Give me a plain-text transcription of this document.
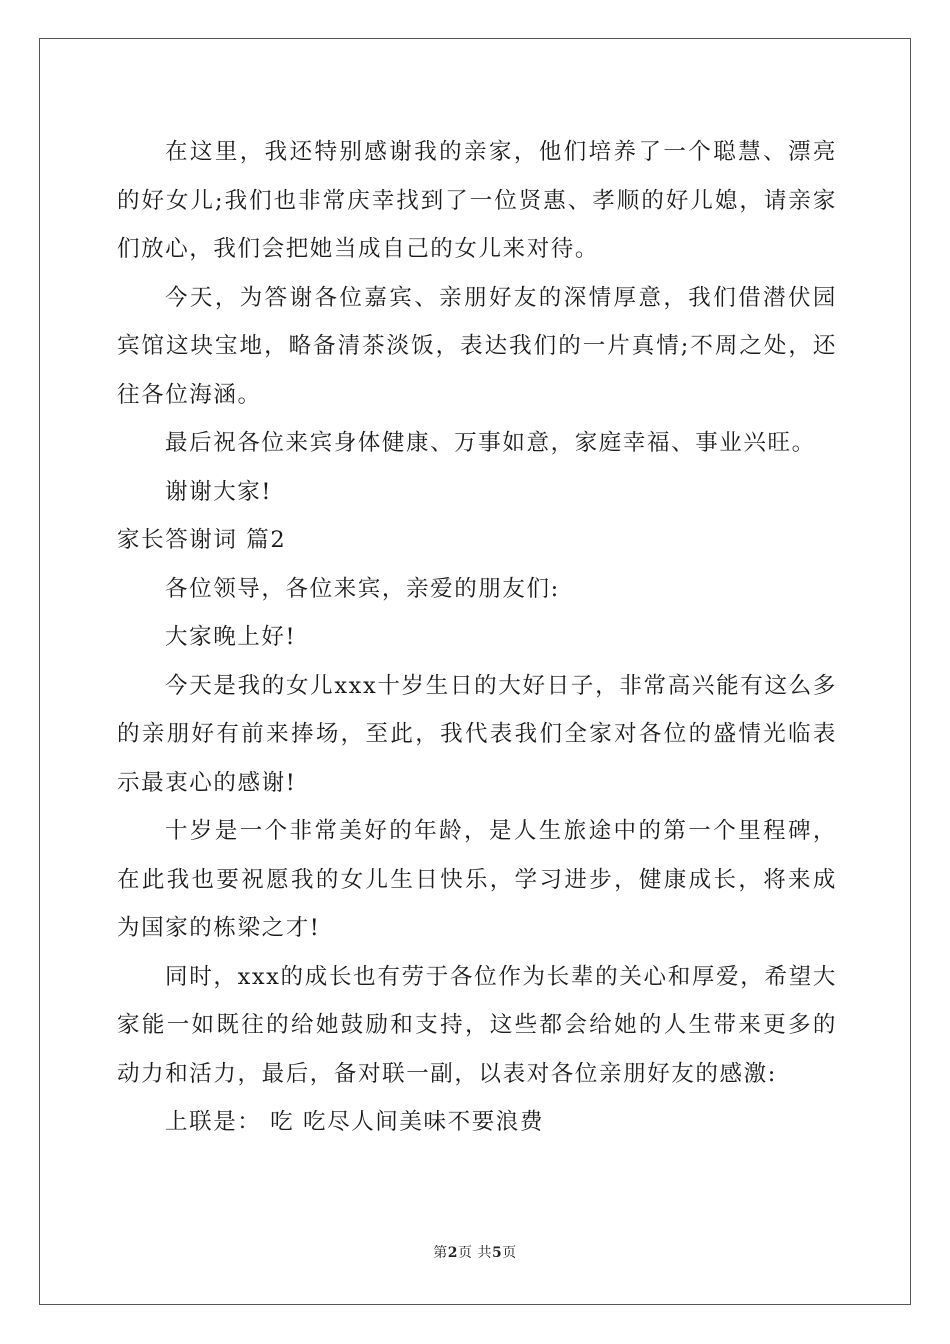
在这里，我还特别感谢我的亲家，他们培养了一个聪慧、漂亮的好女儿;我们也非常庆幸找到了一位贤惠、孝顺的好儿媳，请亲家们放心，我们会把她当成自己的女儿来对待。

今天，为答谢各位嘉宾、亲朋好友的深情厚意，我们借潜伏园宾馆这块宝地，略备清茶淡饭，表达我们的一片真情;不周之处，还往各位海涵。

最后祝各位来宾身体健康、万事如意，家庭幸福、事业兴旺。

谢谢大家!

家长答谢词 篇2

各位领导，各位来宾，亲爱的朋友们:

大家晚上好!

今天是我的女儿xxx十岁生日的大好日子，非常高兴能有这么多的亲朋好有前来捧场，至此，我代表我们全家对各位的盛情光临表示最衷心的感谢!

十岁是一个非常美好的年龄，是人生旅途中的第一个里程碑，在此我也要祝愿我的女儿生日快乐，学习进步，健康成长，将来成为国家的栋梁之才!

同时，xxx的成长也有劳于各位作为长辈的关心和厚爱，希望大家能一如既往的给她鼓励和支持，这些都会给她的人生带来更多的动力和活力，最后，备对联一副，以表对各位亲朋好友的感激:

上联是： 吃 吃尽人间美味不要浪费

第2页 共5页
